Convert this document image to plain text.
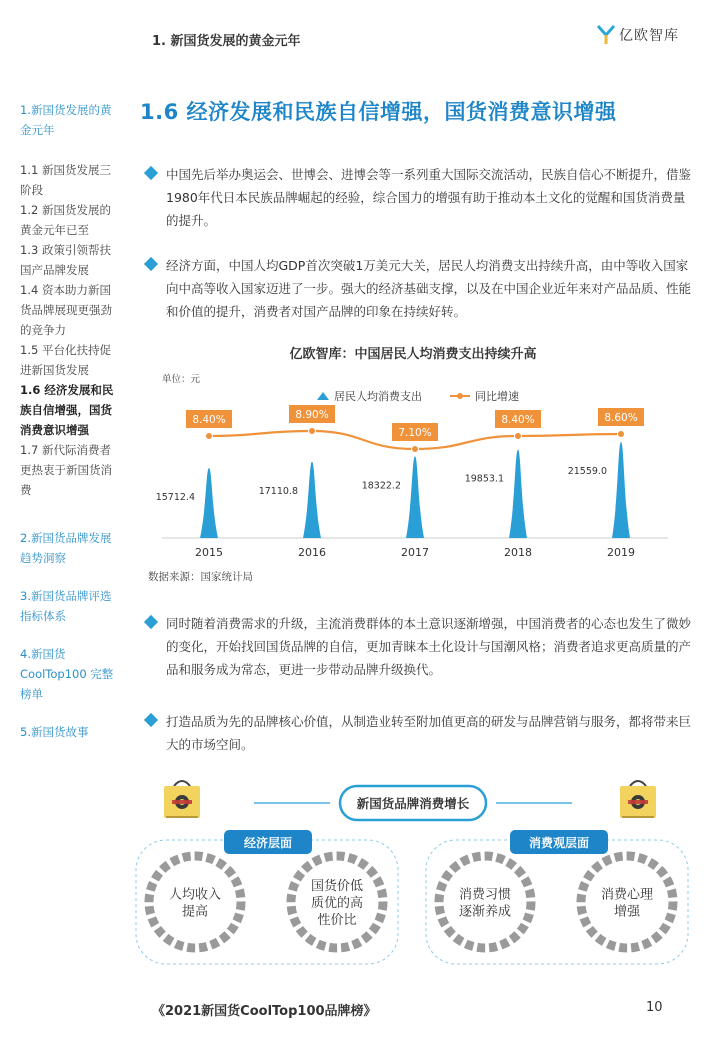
1. 新国货发展的黄金元年	亿欧智库
1.新国货发展的黄金元年
1.1 新国货发展三阶段
1.2 新国货发展的黄金元年已至
1.3 政策引领帮扶国产品牌发展
1.4 资本助力新国货品牌展现更强劲的竞争力
1.5 平台化扶持促进新国货发展
1.6 经济发展和民族自信增强，国货消费意识增强
1.7 新代际消费者更热衷于新国货消费
2.新国货品牌发展趋势洞察
3.新国货品牌评选指标体系
4.新国货 CoolTop100 完整榜单
5.新国货故事
1.6 经济发展和民族自信增强，国货消费意识增强
中国先后举办奥运会、世博会、进博会等一系列重大国际交流活动，民族自信心不断提升，借鉴1980年代日本民族品牌崛起的经验，综合国力的增强有助于推动本土文化的觉醒和国货消费量的提升。
经济方面，中国人均GDP首次突破1万美元大关，居民人均消费支出持续升高，由中等收入国家向中高等收入国家迈进了一步。强大的经济基础支撑，以及在中国企业近年来对产品品质、性能和价值的提升，消费者对国产品牌的印象在持续好转。
亿欧智库：中国居民人均消费支出持续升高
单位：元
居民人均消费支出	同比增速
15712.4
2015
17110.8
2016
18322.2
2017
19853.1
2018
21559.0
2019
8.40%	8.90%
7.10%
8.40%	8.60%
数据来源：国家统计局
同时随着消费需求的升级，主流消费群体的本土意识逐渐增强，中国消费者的心态也发生了微妙的变化，开始找回国货品牌的自信，更加青睐本土化设计与国潮风格；消费者追求更高质量的产品和服务成为常态，更进一步带动品牌升级换代。
打造品质为先的品牌核心价值，从制造业转至附加值更高的研发与品牌营销与服务，都将带来巨大的市场空间。
新国货品牌消费增长
经济层面	消费观层面
人均收入
提高
国货价低
质优的高
性价比
消费习惯
逐渐养成
消费心理
增强
《2021新国货CoolTop100品牌榜》	10
